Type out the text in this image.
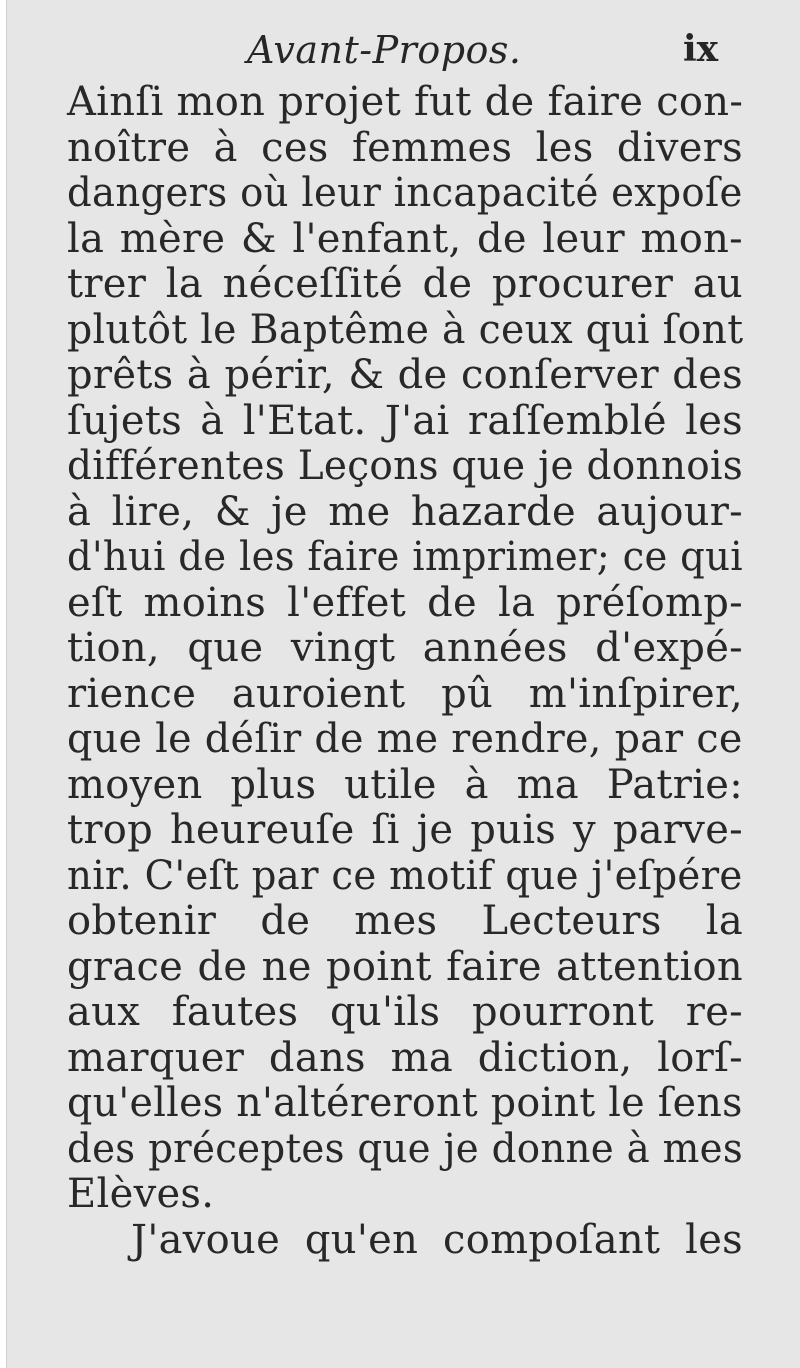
Avant-Propos.	ix
Ainſi mon projet fut de faire con-
noître à ces femmes les divers
dangers où leur incapacité expoſe
la mère & l'enfant, de leur mon-
trer la néceſſité de procurer au
plutôt le Baptême à ceux qui ſont
prêts à périr, & de conſerver des
ſujets à l'Etat. J'ai raſſemblé les
différentes Leçons que je donnois
à lire, & je me hazarde aujour-
d'hui de les faire imprimer; ce qui
eſt moins l'effet de la préſomp-
tion, que vingt années d'expé-
rience auroient pû m'inſpirer,
que le déſir de me rendre, par ce
moyen plus utile à ma Patrie:
trop heureuſe ſi je puis y parve-
nir. C'eſt par ce motif que j'eſpére
obtenir de mes Lecteurs la
grace de ne point faire attention
aux fautes qu'ils pourront re-
marquer dans ma diction, lorſ-
qu'elles n'altéreront point le ſens
des préceptes que je donne à mes
Elèves.
J'avoue qu'en compoſant les
